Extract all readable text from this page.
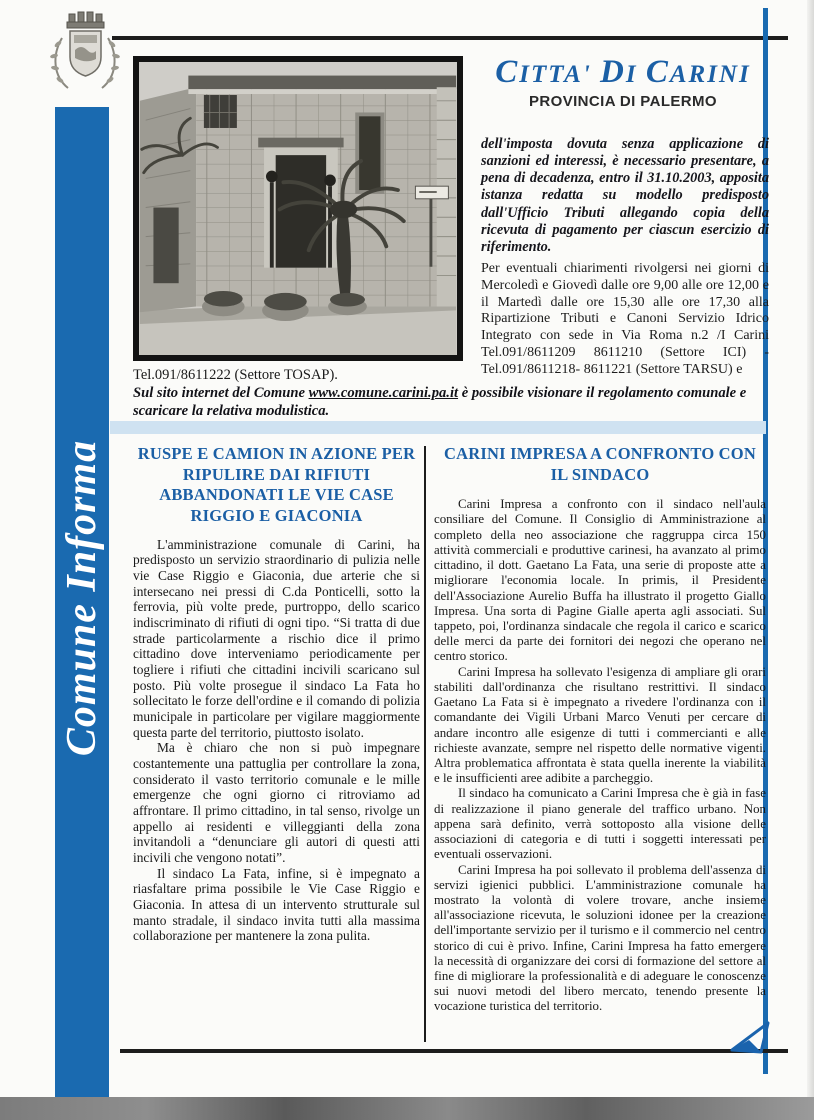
Comune Informa
CITTA' DI CARINI
PROVINCIA DI PALERMO
dell'imposta dovuta senza applicazione di sanzioni ed interessi, è necessario presentare, a pena di decadenza, entro il 31.10.2003, apposita istanza redatta su modello predisposto dall'Ufficio Tributi allegando copia della ricevuta di pagamento per ciascun esercizio di riferimento.
Per eventuali chiarimenti rivolgersi nei giorni di Mercoledì e Giovedì dalle ore 9,00 alle ore 12,00 e il Martedì dalle ore 15,30 alle ore 17,30 alla Ripartizione Tributi e Canoni Servizio Idrico Integrato con sede in Via Roma n.2 /I Carini Tel.091/8611209 8611210 (Settore ICI) - Tel.091/8611218- 8611221 (Settore TARSU) e
Tel.091/8611222 (Settore TOSAP).
Sul sito internet del Comune www.comune.carini.pa.it è possibile visionare il regolamento comunale e scaricare la relativa modulistica.
RUSPE E CAMION IN AZIONE PER RIPULIRE DAI RIFIUTI ABBANDONATI LE VIE CASE RIGGIO E GIACONIA

L'amministrazione comunale di Carini, ha predisposto un servizio straordinario di pulizia nelle vie Case Riggio e Giaconia, due arterie che si intersecano nei pressi di C.da Ponticelli, sotto la ferrovia, più volte prede, purtroppo, dello scarico indiscriminato di rifiuti di ogni tipo. “Si tratta di due strade particolarmente a rischio dice il primo cittadino dove interveniamo periodicamente per togliere i rifiuti che cittadini incivili scaricano sul posto. Più volte prosegue il sindaco La Fata ho sollecitato le forze dell'ordine e il comando di polizia municipale in particolare per vigilare maggiormente questa parte del territorio, piuttosto isolato.

Ma è chiaro che non si può impegnare costantemente una pattuglia per controllare la zona, considerato il vasto territorio comunale e le mille emergenze che ogni giorno ci ritroviamo ad affrontare. Il primo cittadino, in tal senso, rivolge un appello ai residenti e villeggianti della zona invitandoli a “denunciare gli autori di questi atti incivili che vengono notati”.

Il sindaco La Fata, infine, si è impegnato a riasfaltare prima possibile le Vie Case Riggio e Giaconia. In attesa di un intervento strutturale sul manto stradale, il sindaco invita tutti alla massima collaborazione per mantenere la zona pulita.

CARINI IMPRESA A CONFRONTO CON IL SINDACO

Carini Impresa a confronto con il sindaco nell'aula consiliare del Comune. Il Consiglio di Amministrazione al completo della neo associazione che raggruppa circa 150 attività commerciali e produttive carinesi, ha avanzato al primo cittadino, il dott. Gaetano La Fata, una serie di proposte atte a migliorare l'economia locale. In primis, il Presidente dell'Associazione Aurelio Buffa ha illustrato il progetto Giallo Impresa. Una sorta di Pagine Gialle aperta agli associati. Sul tappeto, poi, l'ordinanza sindacale che regola il carico e scarico delle merci da parte dei fornitori dei negozi che operano nel centro storico.

Carini Impresa ha sollevato l'esigenza di ampliare gli orari stabiliti dall'ordinanza che risultano restrittivi. Il sindaco Gaetano La Fata si è impegnato a rivedere l'ordinanza con il comandante dei Vigili Urbani Marco Venuti per cercare di andare incontro alle esigenze di tutti i commercianti e alle richieste avanzate, sempre nel rispetto delle normative vigenti. Altra problematica affrontata è stata quella inerente la viabilità e le insufficienti aree adibite a parcheggio.

Il sindaco ha comunicato a Carini Impresa che è già in fase di realizzazione il piano generale del traffico urbano. Non appena sarà definito, verrà sottoposto alla visione delle associazioni di categoria e di tutti i soggetti interessati per eventuali osservazioni.

Carini Impresa ha poi sollevato il problema dell'assenza di servizi igienici pubblici. L'amministrazione comunale ha mostrato la volontà di volere trovare, anche insieme all'associazione ricevuta, le soluzioni idonee per la creazione dell'importante servizio per il turismo e il commercio nel centro storico di cui è privo. Infine, Carini Impresa ha fatto emergere la necessità di organizzare dei corsi di formazione del settore al fine di migliorare la professionalità e di adeguare le conoscenze sui nuovi metodi del libero mercato, tenendo presente la vocazione turistica del territorio.
